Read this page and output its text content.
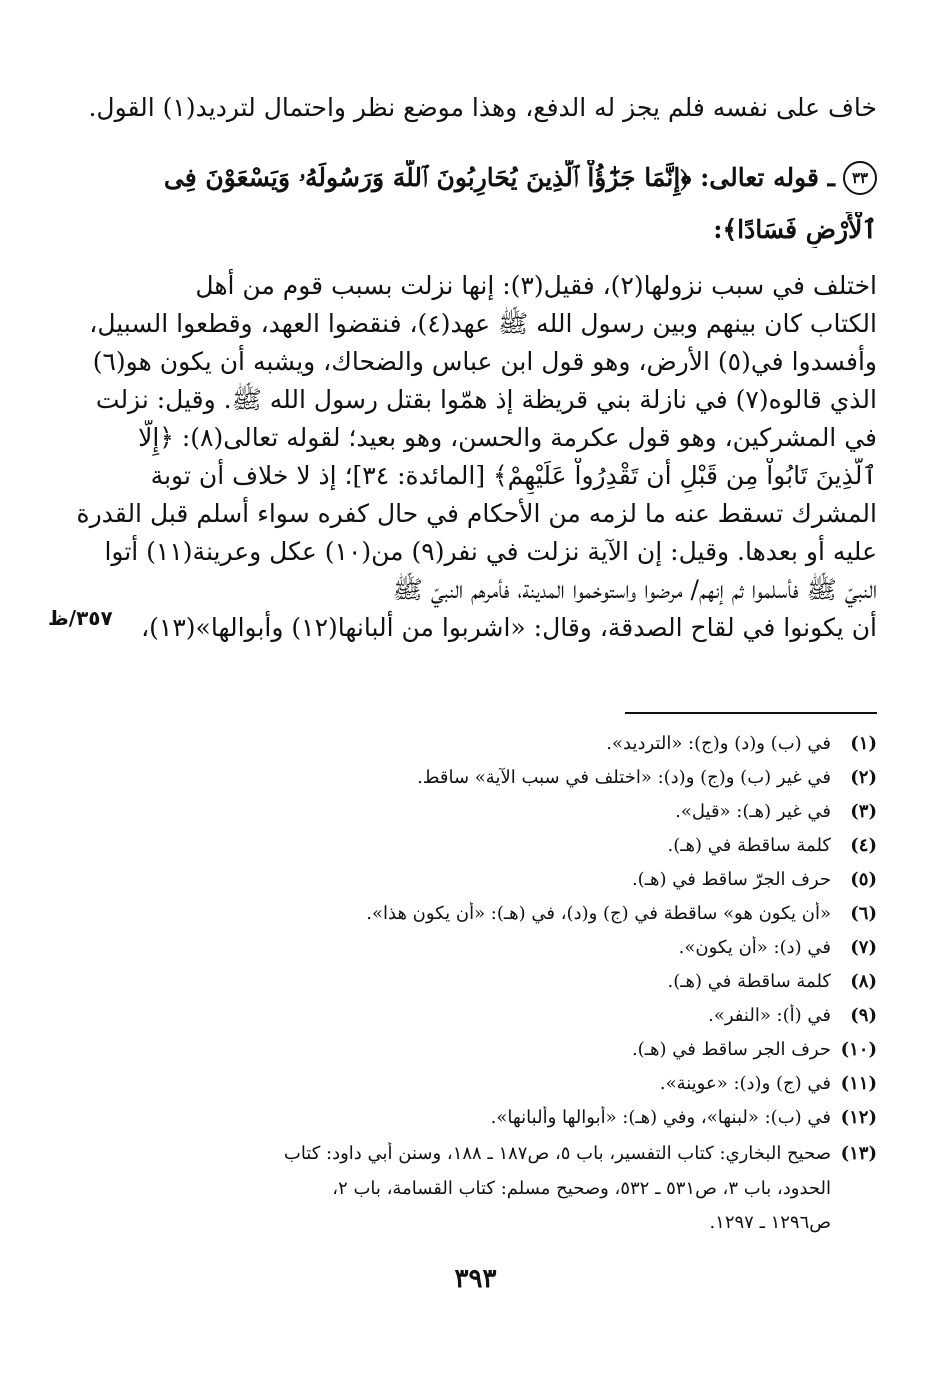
خاف على نفسه فلم يجز له الدفع، وهذا موضع نظر واحتمال لترديد(١) القول.
٣٣
ـ قوله تعالى: ﴿إِنَّمَا جَزَٰٓؤُاْ ٱلَّذِينَ يُحَارِبُونَ ٱللَّهَ وَرَسُولَهُۥ وَيَسْعَوْنَ فِى
ٱلْأَرْضِ فَسَادًا﴾:
اختلف في سبب نزولها(٢)، فقيل(٣): إنها نزلت بسبب قوم من أهل
الكتاب كان بينهم وبين رسول الله ﷺ عهد(٤)، فنقضوا العهد، وقطعوا السبيل،
وأفسدوا في(٥) الأرض، وهو قول ابن عباس والضحاك، ويشبه أن يكون هو(٦)
الذي قالوه(٧) في نازلة بني قريظة إذ همّوا بقتل رسول الله ﷺ. وقيل: نزلت
في المشركين، وهو قول عكرمة والحسن، وهو بعيد؛ لقوله تعالى(٨): ﴿إِلَّا
ٱلَّذِينَ تَابُواْ مِن قَبْلِ أَن تَقْدِرُواْ عَلَيْهِمْ﴾ [المائدة: ٣٤]؛ إذ لا خلاف أن توبة
المشرك تسقط عنه ما لزمه من الأحكام في حال كفره سواء أسلم قبل القدرة
عليه أو بعدها. وقيل: إن الآية نزلت في نفر(٩) من(١٠) عكل وعرينة(١١) أتوا
النبيّ ﷺ فأسلموا ثم إنهم/ مرضوا واستوخموا المدينة، فأمرهم النبيّ ﷺ
أن يكونوا في لقاح الصدقة، وقال: «اشربوا من ألبانها(١٢) وأبوالها»(١٣)،
٣٥٧/ظ
(١)في (ب) و(د) و(ج): «الترديد».
(٢)في غير (ب) و(ج) و(د): «اختلف في سبب الآية» ساقط.
(٣)في غير (هـ): «قيل».
(٤)كلمة ساقطة في (هـ).
(٥)حرف الجرّ ساقط في (هـ).
(٦)«أن يكون هو» ساقطة في (ج) و(د)، في (هـ): «أن يكون هذا».
(٧)في (د): «أن يكون».
(٨)كلمة ساقطة في (هـ).
(٩)في (أ): «النفر».
(١٠)حرف الجر ساقط في (هـ).
(١١)في (ج) و(د): «عوينة».
(١٢)في (ب): «لبنها»، وفي (هـ): «أبوالها وألبانها».
(١٣)صحيح البخاري: كتاب التفسير، باب ٥، ص١٨٧ ـ ١٨٨، وسنن أبي داود: كتاب
الحدود، باب ٣، ص٥٣١ ـ ٥٣٢، وصحيح مسلم: كتاب القسامة، باب ٢،
ص١٢٩٦ ـ ١٢٩٧.
٣٩٣
